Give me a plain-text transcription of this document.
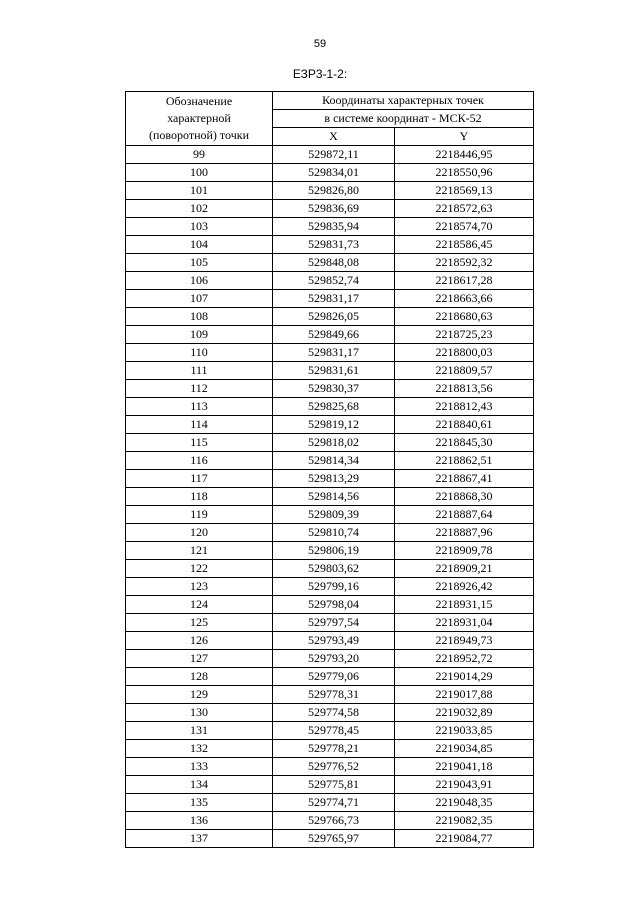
59
ЕЗР3-1-2:
Обозначение
характерной
(поворотной) точки	Координаты характерных точек	
	в системе координат - МСК-52	
	X	Y
99	529872,11	2218446,95
100	529834,01	2218550,96
101	529826,80	2218569,13
102	529836,69	2218572,63
103	529835,94	2218574,70
104	529831,73	2218586,45
105	529848,08	2218592,32
106	529852,74	2218617,28
107	529831,17	2218663,66
108	529826,05	2218680,63
109	529849,66	2218725,23
110	529831,17	2218800,03
111	529831,61	2218809,57
112	529830,37	2218813,56
113	529825,68	2218812,43
114	529819,12	2218840,61
115	529818,02	2218845,30
116	529814,34	2218862,51
117	529813,29	2218867,41
118	529814,56	2218868,30
119	529809,39	2218887,64
120	529810,74	2218887,96
121	529806,19	2218909,78
122	529803,62	2218909,21
123	529799,16	2218926,42
124	529798,04	2218931,15
125	529797,54	2218931,04
126	529793,49	2218949,73
127	529793,20	2218952,72
128	529779,06	2219014,29
129	529778,31	2219017,88
130	529774,58	2219032,89
131	529778,45	2219033,85
132	529778,21	2219034,85
133	529776,52	2219041,18
134	529775,81	2219043,91
135	529774,71	2219048,35
136	529766,73	2219082,35
137	529765,97	2219084,77
